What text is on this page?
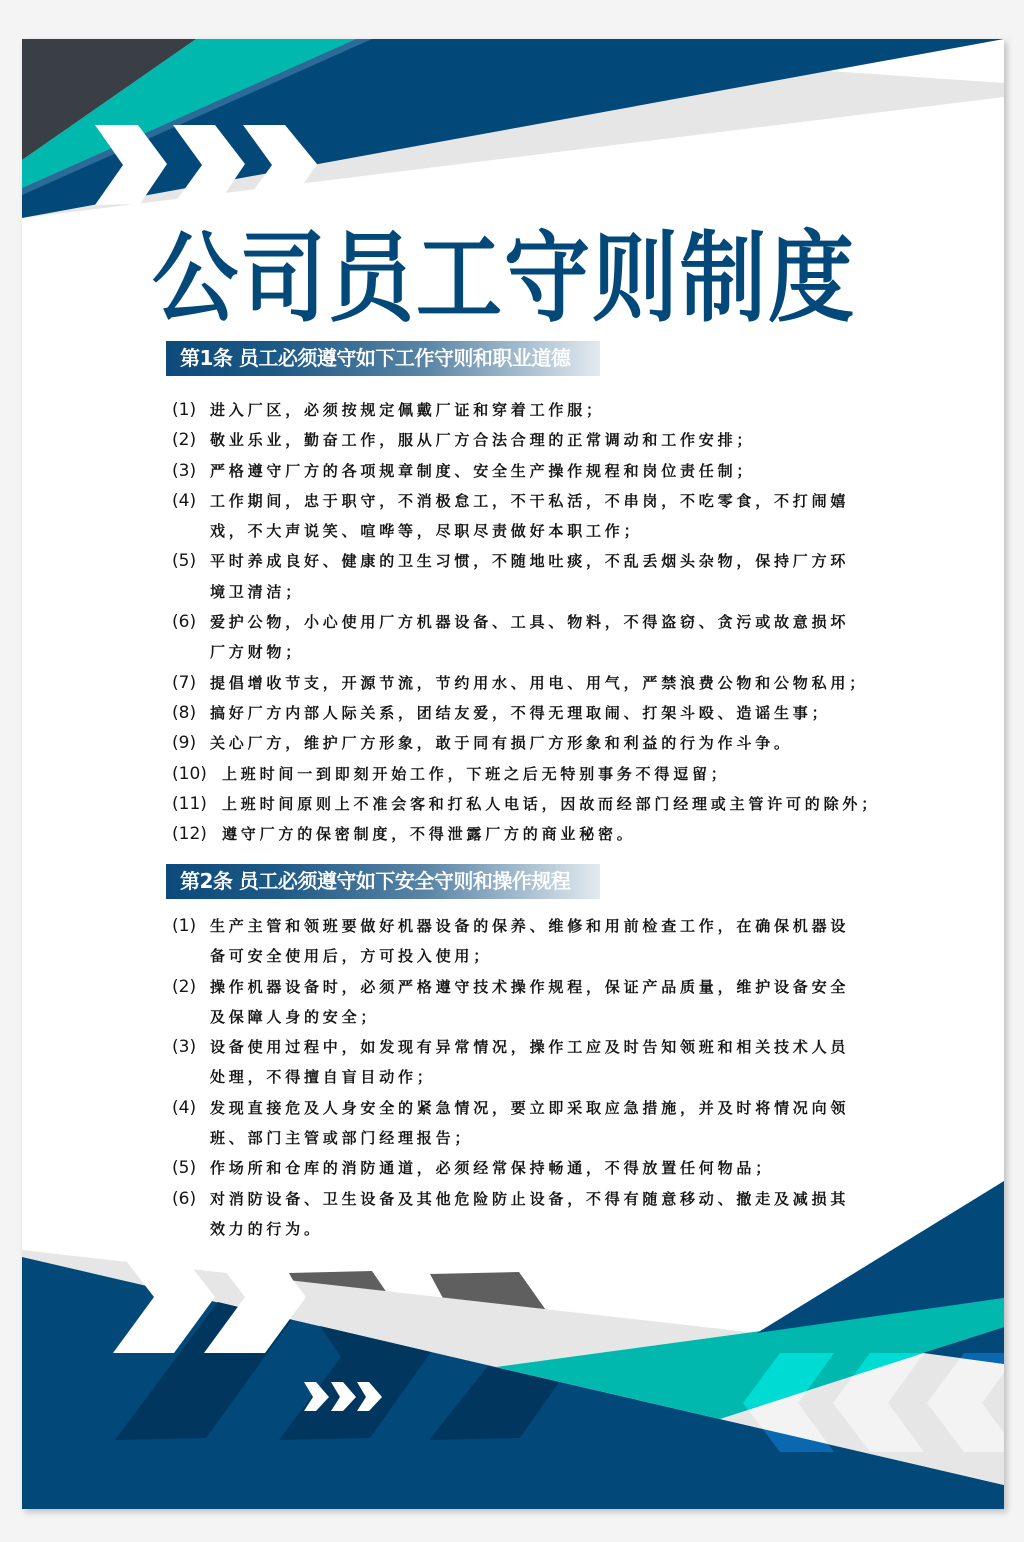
公司员工守则制度
第1条 员工必须遵守如下工作守则和职业道德
(1) 进入厂区，必须按规定佩戴厂证和穿着工作服；
(2) 敬业乐业，勤奋工作，服从厂方合法合理的正常调动和工作安排；
(3) 严格遵守厂方的各项规章制度、安全生产操作规程和岗位责任制；
(4) 工作期间，忠于职守，不消极怠工，不干私活，不串岗，不吃零食，不打闹嬉
戏，不大声说笑、喧哗等，尽职尽责做好本职工作；
(5) 平时养成良好、健康的卫生习惯，不随地吐痰，不乱丢烟头杂物，保持厂方环
境卫清洁；
(6) 爱护公物，小心使用厂方机器设备、工具、物料，不得盗窃、贪污或故意损坏
厂方财物；
(7) 提倡增收节支，开源节流，节约用水、用电、用气，严禁浪费公物和公物私用；
(8) 搞好厂方内部人际关系，团结友爱，不得无理取闹、打架斗殴、造谣生事；
(9) 关心厂方，维护厂方形象，敢于同有损厂方形象和利益的行为作斗争。
(10)	上班时间一到即刻开始工作，下班之后无特别事务不得逗留；
(11)	上班时间原则上不准会客和打私人电话，因故而经部门经理或主管许可的除外；
(12)	遵守厂方的保密制度，不得泄露厂方的商业秘密。
第2条 员工必须遵守如下安全守则和操作规程
(1) 生产主管和领班要做好机器设备的保养、维修和用前检查工作，在确保机器设
备可安全使用后，方可投入使用；
(2) 操作机器设备时，必须严格遵守技术操作规程，保证产品质量，维护设备安全
及保障人身的安全；
(3) 设备使用过程中，如发现有异常情况，操作工应及时告知领班和相关技术人员
处理，不得擅自盲目动作；
(4) 发现直接危及人身安全的紧急情况，要立即采取应急措施，并及时将情况向领
班、部门主管或部门经理报告；
(5) 作场所和仓库的消防通道，必须经常保持畅通，不得放置任何物品；
(6) 对消防设备、卫生设备及其他危险防止设备，不得有随意移动、撤走及减损其
效力的行为。
